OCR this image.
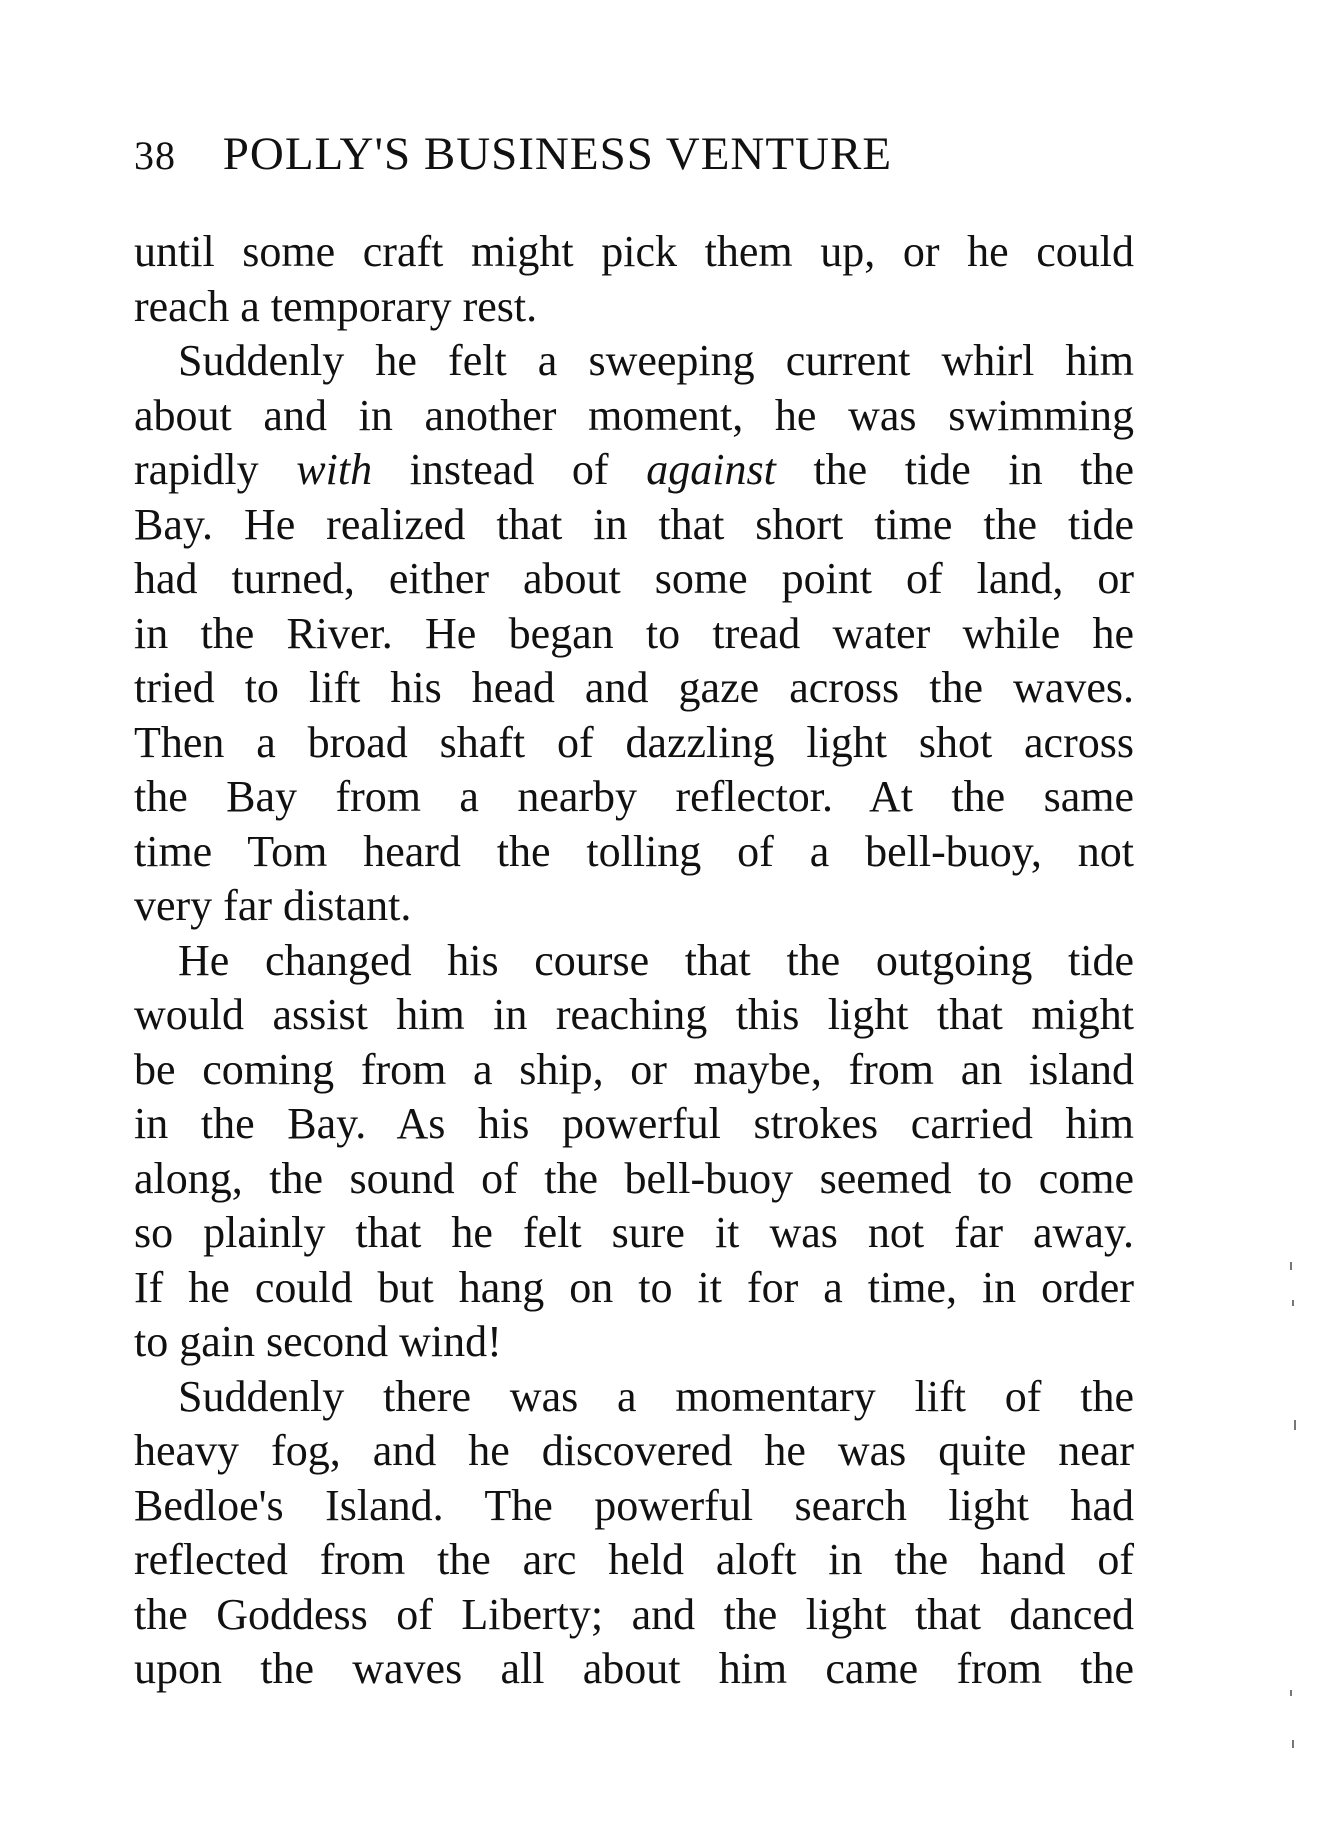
38 POLLY'S BUSINESS VENTURE
until some craft might pick them up, or he could
reach a temporary rest.
Suddenly he felt a sweeping current whirl him
about and in another moment, he was swimming
rapidly with instead of against the tide in the
Bay. He realized that in that short time the tide
had turned, either about some point of land, or
in the River. He began to tread water while he
tried to lift his head and gaze across the waves.
Then a broad shaft of dazzling light shot across
the Bay from a nearby reflector. At the same
time Tom heard the tolling of a bell-buoy, not
very far distant.
He changed his course that the outgoing tide
would assist him in reaching this light that might
be coming from a ship, or maybe, from an island
in the Bay. As his powerful strokes carried him
along, the sound of the bell-buoy seemed to come
so plainly that he felt sure it was not far away.
If he could but hang on to it for a time, in order
to gain second wind!
Suddenly there was a momentary lift of the
heavy fog, and he discovered he was quite near
Bedloe's Island. The powerful search light had
reflected from the arc held aloft in the hand of
the Goddess of Liberty; and the light that danced
upon the waves all about him came from the
